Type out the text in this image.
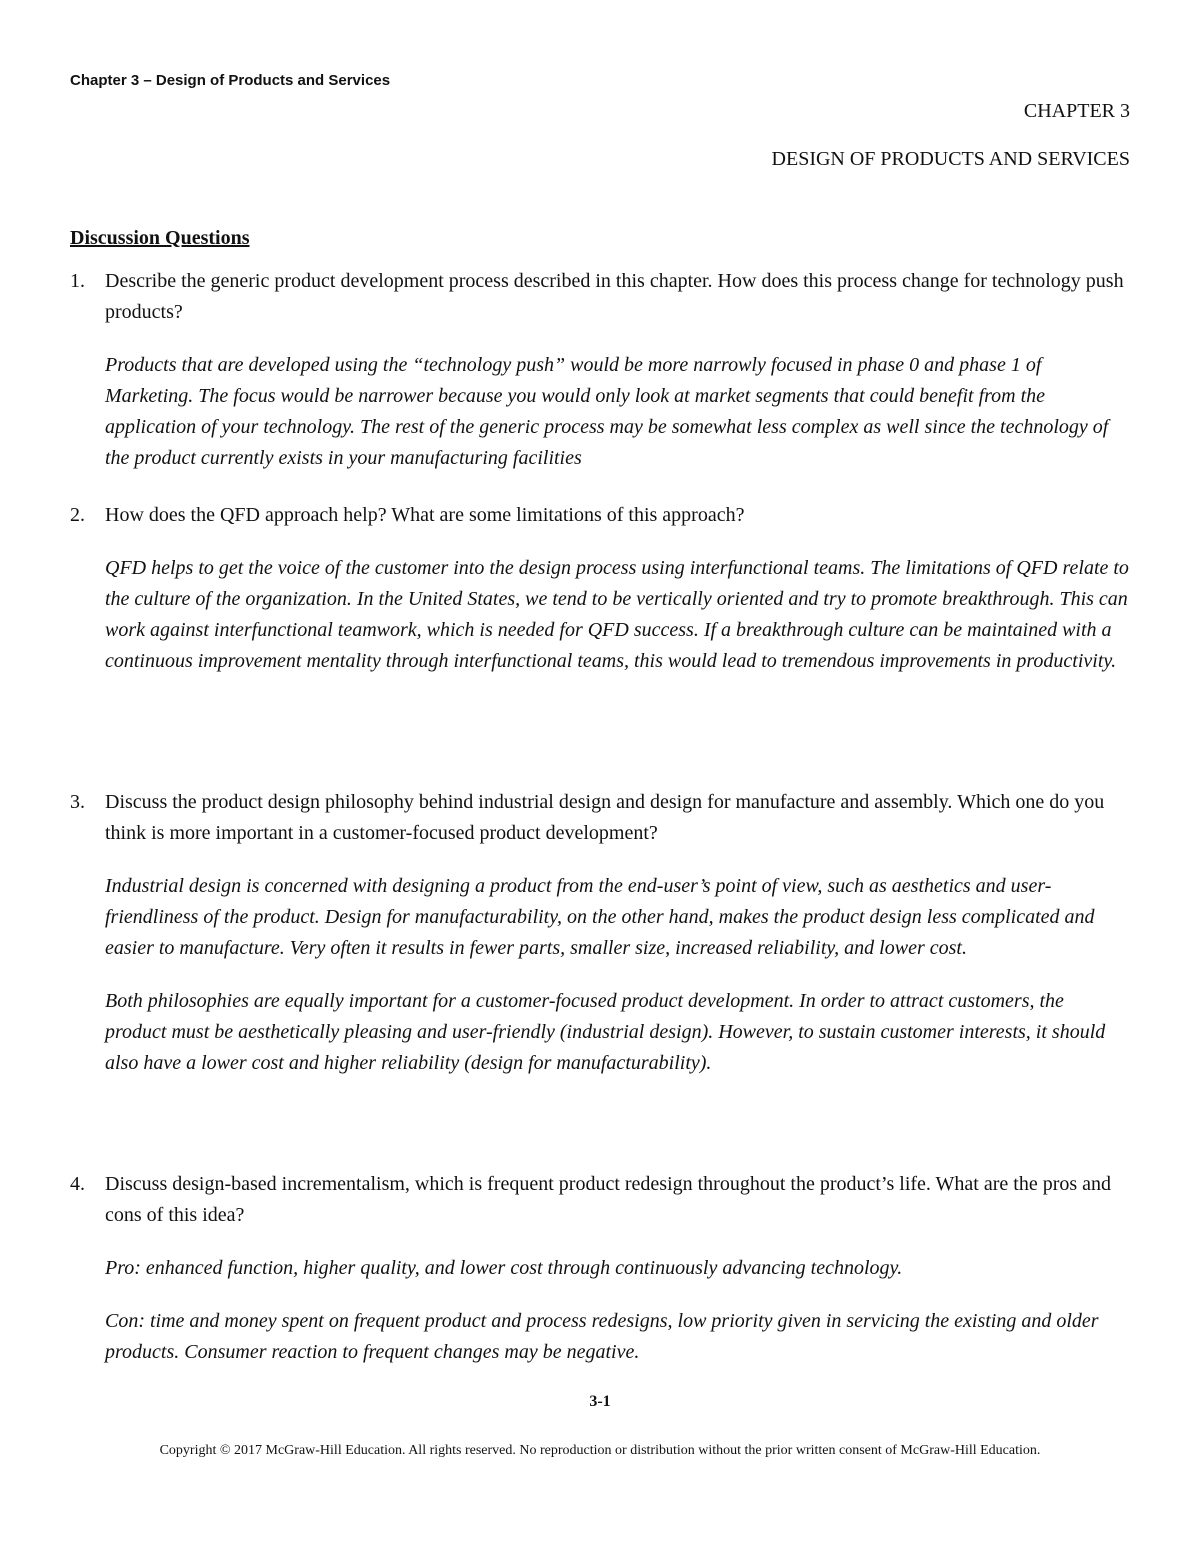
Chapter 3 – Design of Products and Services
CHAPTER 3
DESIGN OF PRODUCTS AND SERVICES
Discussion Questions
1. Describe the generic product development process described in this chapter. How does this process change for technology push products?
Products that are developed using the “technology push” would be more narrowly focused in phase 0 and phase 1 of Marketing. The focus would be narrower because you would only look at market segments that could benefit from the application of your technology. The rest of the generic process may be somewhat less complex as well since the technology of the product currently exists in your manufacturing facilities
2. How does the QFD approach help? What are some limitations of this approach?
QFD helps to get the voice of the customer into the design process using interfunctional teams. The limitations of QFD relate to the culture of the organization. In the United States, we tend to be vertically oriented and try to promote breakthrough. This can work against interfunctional teamwork, which is needed for QFD success. If a breakthrough culture can be maintained with a continuous improvement mentality through interfunctional teams, this would lead to tremendous improvements in productivity.
3. Discuss the product design philosophy behind industrial design and design for manufacture and assembly. Which one do you think is more important in a customer-focused product development?
Industrial design is concerned with designing a product from the end-user’s point of view, such as aesthetics and user-friendliness of the product. Design for manufacturability, on the other hand, makes the product design less complicated and easier to manufacture. Very often it results in fewer parts, smaller size, increased reliability, and lower cost.
Both philosophies are equally important for a customer-focused product development. In order to attract customers, the product must be aesthetically pleasing and user-friendly (industrial design). However, to sustain customer interests, it should also have a lower cost and higher reliability (design for manufacturability).
4. Discuss design-based incrementalism, which is frequent product redesign throughout the product’s life. What are the pros and cons of this idea?
Pro: enhanced function, higher quality, and lower cost through continuously advancing technology.
Con: time and money spent on frequent product and process redesigns, low priority given in servicing the existing and older products. Consumer reaction to frequent changes may be negative.
3-1
Copyright © 2017 McGraw-Hill Education. All rights reserved. No reproduction or distribution without the prior written consent of McGraw-Hill Education.
